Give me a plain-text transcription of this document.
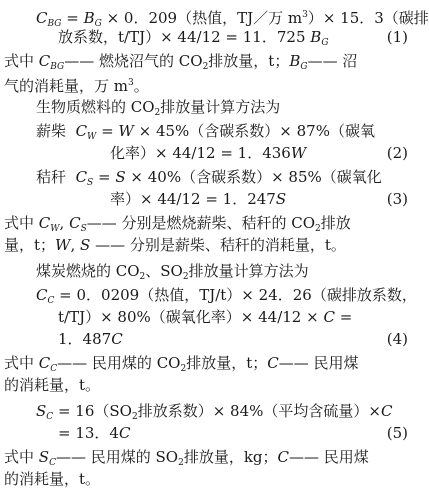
$C_{BG} = B_G \times 0$．209（热值，TJ／万 $m^3)\times 15$．3（碳排
放系数，t/TJ）× 44/12 = 11．725 $B_G$	(1)
式中 $C_{BG}——$ 燃烧沼气的 $CO_2$排放量，t；$B_G——$ 沼
气的消耗量，万 $m^3$。
生物质燃料的 $CO_2$排放量计算方法为
薪柴 $C_W = W \times 45\%$（含碳系数）× 87%（碳氧
化率）× 44/12 = 1．436W	(2)
秸秆 $C_S = S \times 40\%$（含碳系数）× 85%（碳氧化
率）× 44/12 = 1．247S	(3)
式中 $C_W$, $C_S——$ 分别是燃烧薪柴、秸秆的 $CO_2$排放
量，t；W, S —— 分别是薪柴、秸秆的消耗量，t。
煤炭燃烧的 $CO_2$、$SO_2$排放量计算方法为
$C_C = 0$．0209（热值，TJ/t）× 24．26（碳排放系数，
t/TJ）× 80%（碳氧化率）× 44/12 × C =
1．487C	(4)
式中 $C_C——$ 民用煤的 $CO_2$排放量，t；C—— 民用煤
的消耗量，t。
$S_C = 16(SO_2$排放系数）× 84%（平均含硫量）×C
= 13．4C	(5)
式中 $S_C——$ 民用煤的 $SO_2$排放量，kg；C—— 民用煤
的消耗量，t。
